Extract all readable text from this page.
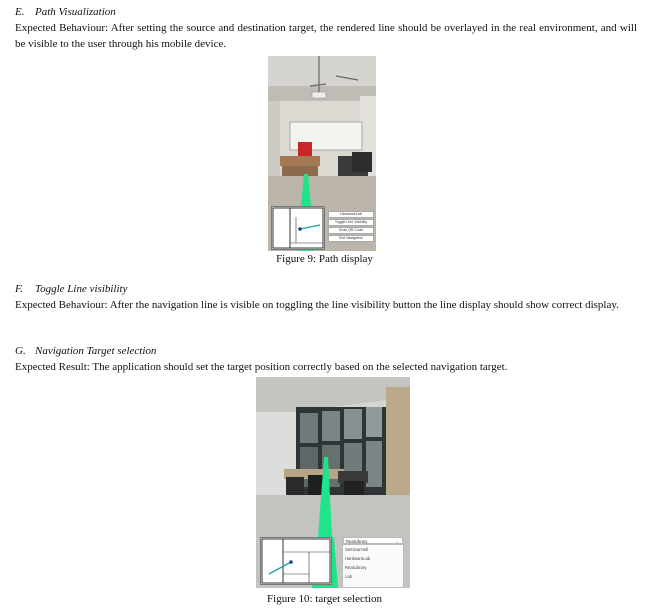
E. Path Visualization
Expected Behaviour: After setting the source and destination target, the rendered line should be overlayed in the real environment, and will be visible to the user through his mobile device.
HardwareLab
Toggle Line Visibility
Scan QR Code
Exit Navigation
Figure 9: Path display
F. Toggle Line visibility
Expected Behaviour: After the navigation line is visible on toggling the line visibility button the line display should show correct display.
G. Navigation Target selection
Expected Result: The application should set the target position correctly based on the selected navigation target.
RealLibrary	⌄
SeminarHall
HardwareLab
RealLibrary
Lab
Figure 10: target selection
